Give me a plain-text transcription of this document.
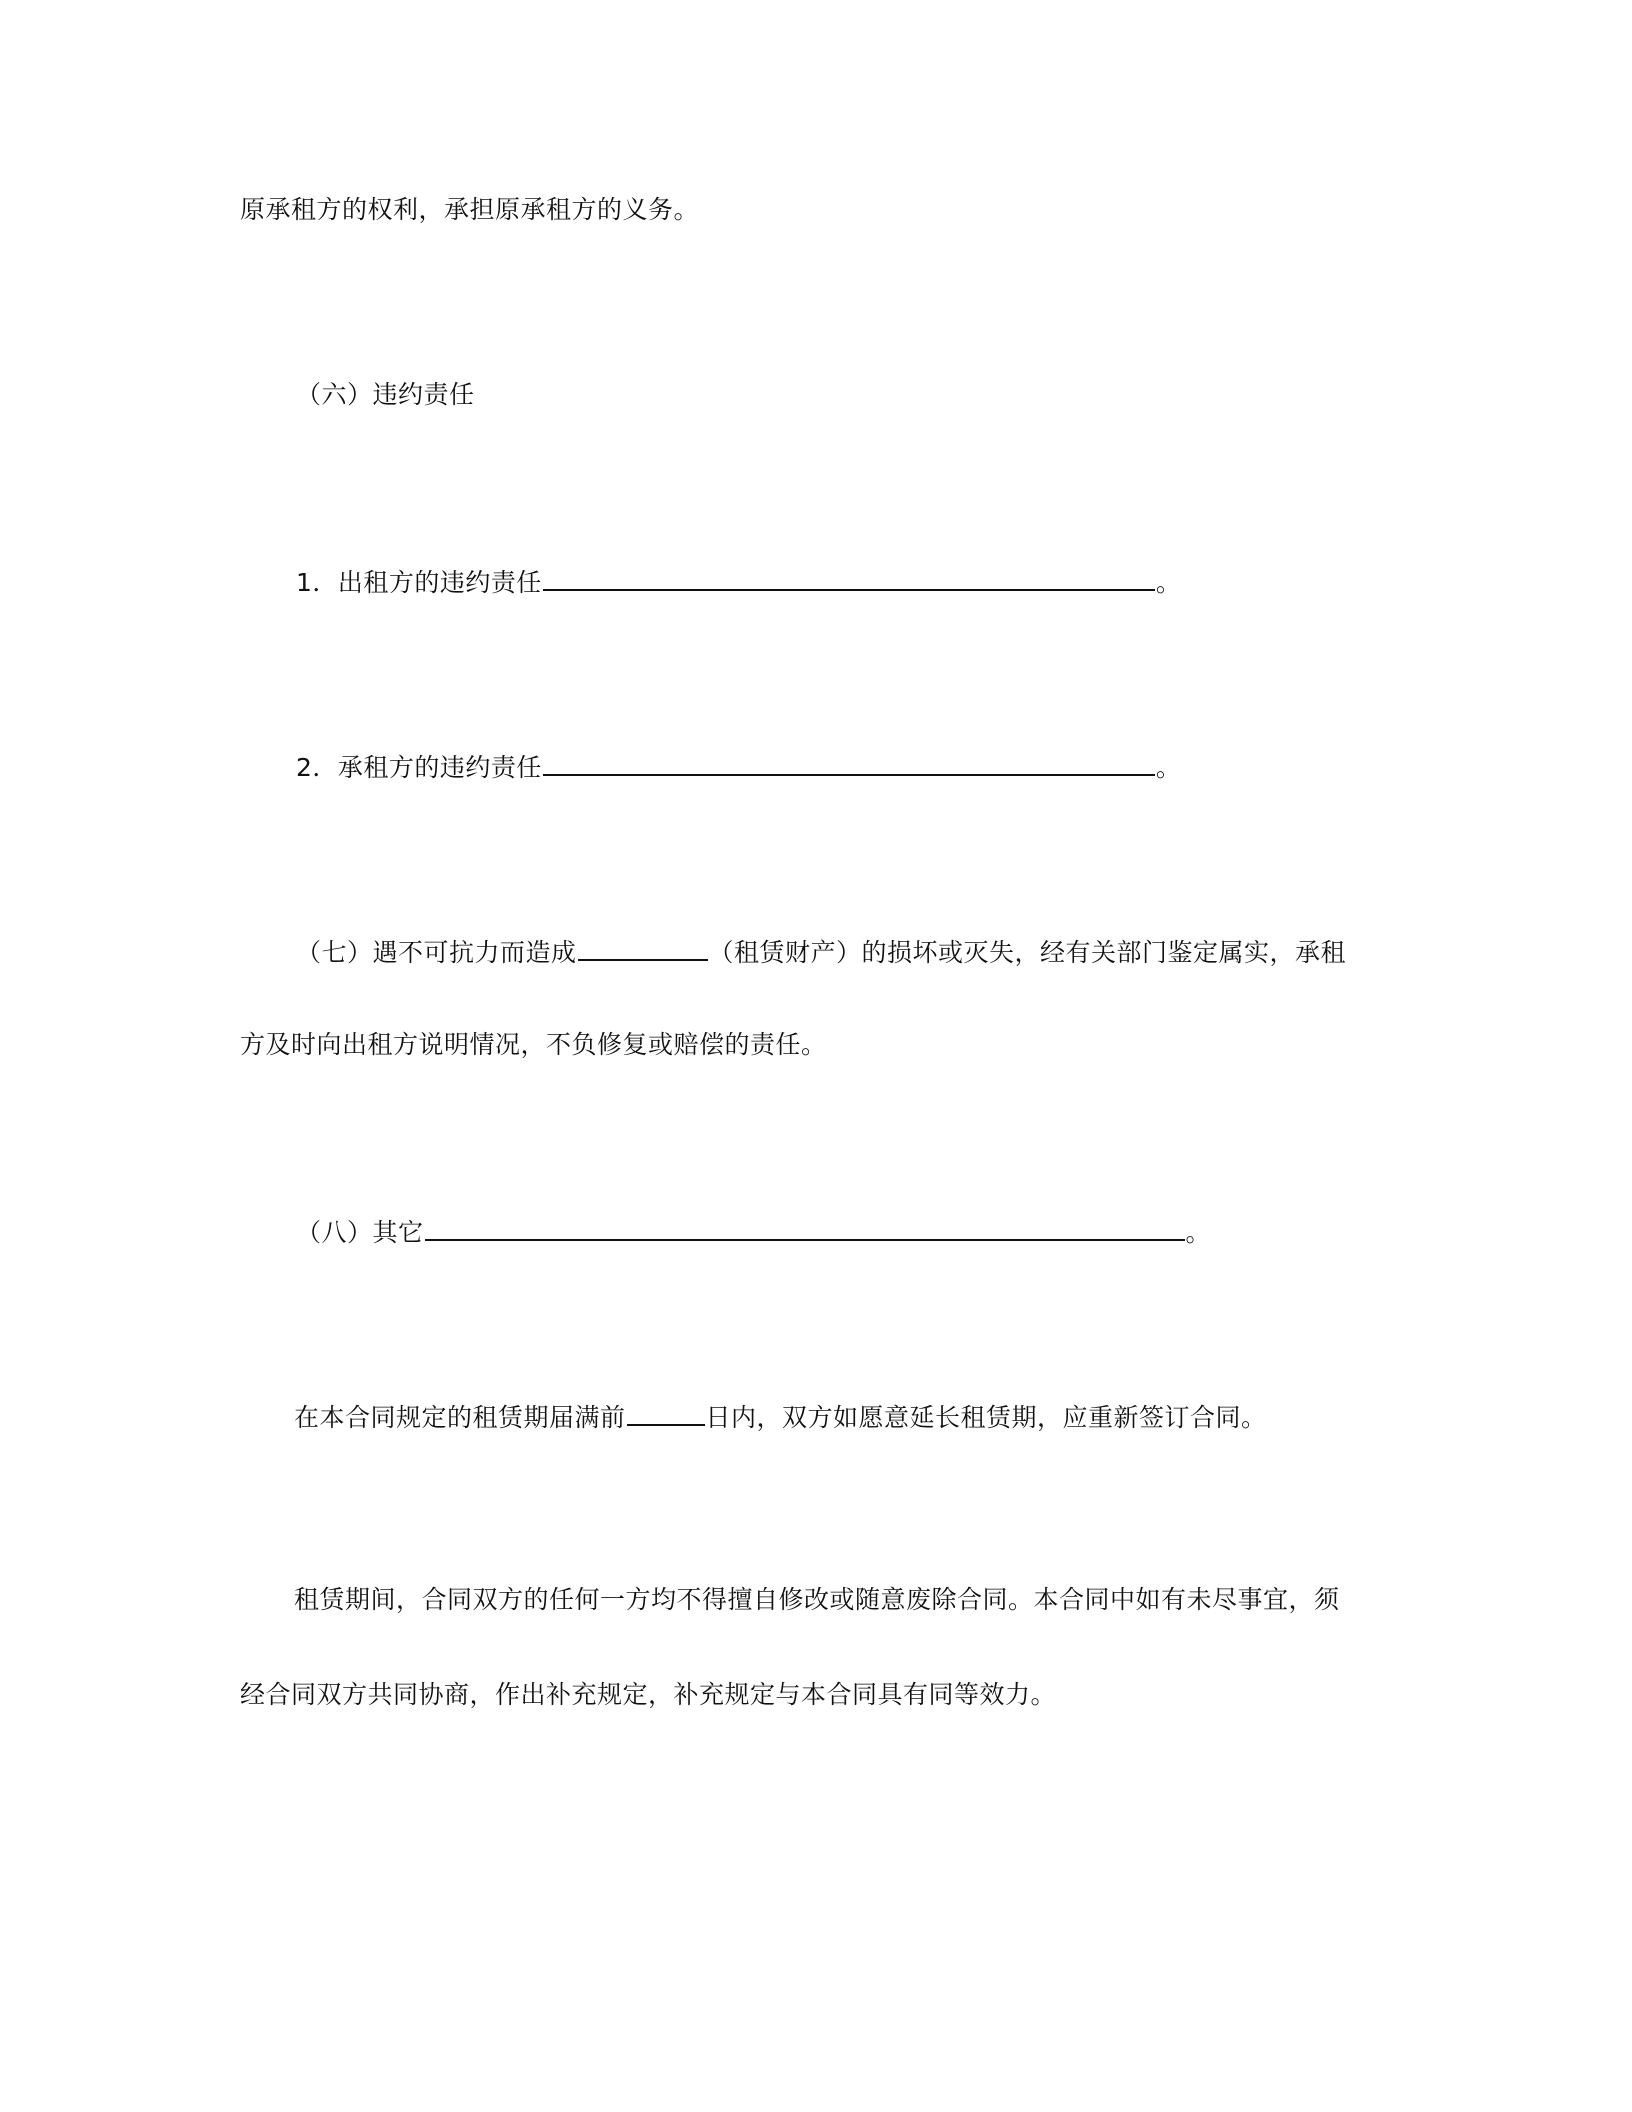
原承租方的权利，承担原承租方的义务。
（六）违约责任
1．出租方的违约责任	。
2．承租方的违约责任	。
（七）遇不可抗力而造成	（租赁财产）的损坏或灭失，经有关部门鉴定属实，承租
方及时向出租方说明情况，不负修复或赔偿的责任。
（八）其它	。
在本合同规定的租赁期届满前	日内，双方如愿意延长租赁期，应重新签订合同。
租赁期间，合同双方的任何一方均不得擅自修改或随意废除合同。本合同中如有未尽事宜，须
经合同双方共同协商，作出补充规定，补充规定与本合同具有同等效力。
